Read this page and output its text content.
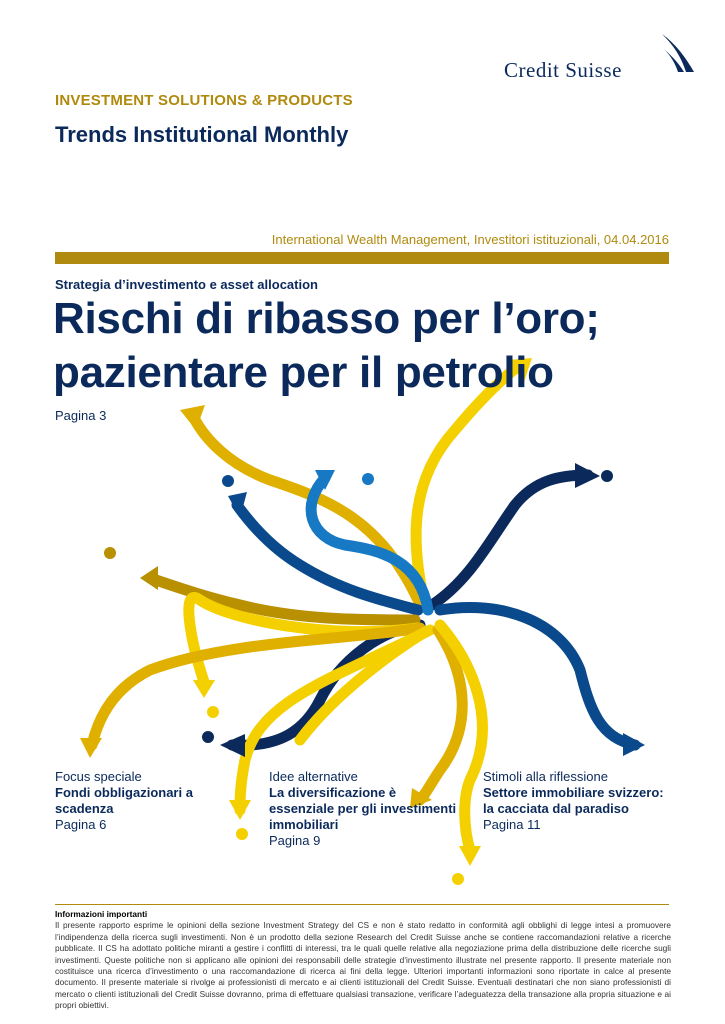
Credit Suisse
INVESTMENT SOLUTIONS & PRODUCTS
Trends Institutional Monthly
International Wealth Management, Investitori istituzionali, 04.04.2016
Strategia d’investimento e asset allocation
Rischi di ribasso per l’oro;
pazientare per il petrolio
Pagina 3
Focus speciale
Fondi obbligazionari a scadenza
Pagina 6
Idee alternative
La diversificazione è essenziale per gli investimenti immobiliari
Pagina 9
Stimoli alla riflessione
Settore immobiliare svizzero: la cacciata dal paradiso
Pagina 11
Informazioni importanti
Il presente rapporto esprime le opinioni della sezione Investment Strategy del CS e non è stato redatto in conformità agli obblighi di legge intesi a promuovere l’indipendenza della ricerca sugli investimenti. Non è un prodotto della sezione Research del Credit Suisse anche se contiene raccomandazioni relative a ricerche pubblicate. Il CS ha adottato politiche miranti a gestire i conflitti di interessi, tra le quali quelle relative alla negoziazione prima della distribuzione delle ricerche sugli investimenti. Queste politiche non si applicano alle opinioni dei responsabili delle strategie d’investimento illustrate nel presente rapporto. Il presente materiale non costituisce una ricerca d’investimento o una raccomandazione di ricerca ai fini della legge. Ulteriori importanti informazioni sono riportate in calce al presente documento. Il presente materiale si rivolge ai professionisti di mercato e ai clienti istituzionali del Credit Suisse. Eventuali destinatari che non siano professionisti di mercato o clienti istituzionali del Credit Suisse dovranno, prima di effettuare qualsiasi transazione, verificare l’adeguatezza della transazione alla propria situazione e ai propri obiettivi.
